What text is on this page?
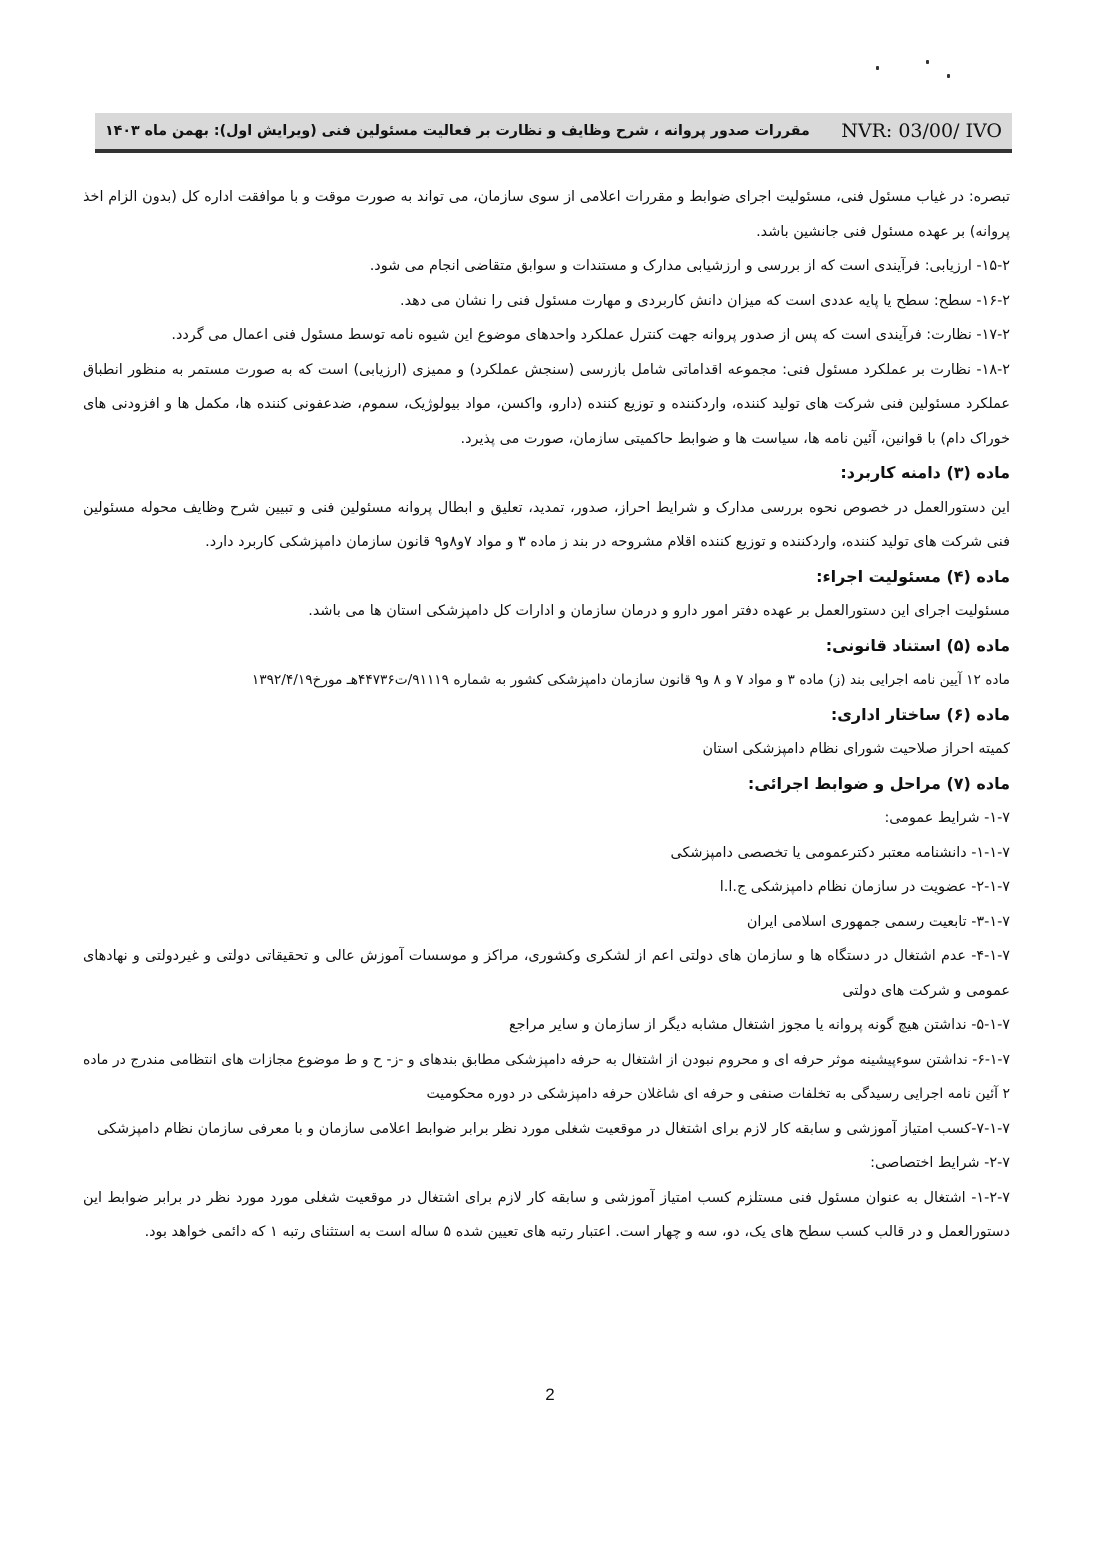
NVR: 03/00/ IVO
مقررات صدور پروانه ، شرح وظایف و نظارت بر فعالیت مسئولین فنی (ویرایش اول): بهمن ماه ۱۴۰۳

تبصره: در غیاب مسئول فنی، مسئولیت اجرای ضوابط و مقررات اعلامی از سوی سازمان، می تواند به صورت موقت و با موافقت اداره کل (بدون الزام اخذ پروانه) بر عهده مسئول فنی جانشین باشد.

۱۵-۲- ارزیابی: فرآیندی است که از بررسی و ارزشیابی مدارک و مستندات و سوابق متقاضی انجام می شود.

۱۶-۲- سطح: سطح یا پایه عددی است که میزان دانش کاربردی و مهارت مسئول فنی را نشان می دهد.

۱۷-۲- نظارت: فرآیندی است که پس از صدور پروانه جهت کنترل عملکرد واحدهای موضوع این شیوه نامه توسط مسئول فنی اعمال می گردد.

۱۸-۲- نظارت بر عملکرد مسئول فنی: مجموعه اقداماتی شامل بازرسی (سنجش عملکرد) و ممیزی (ارزیابی) است که به صورت مستمر به منظور انطباق عملکرد مسئولین فنی شرکت های تولید کننده، واردکننده و توزیع کننده (دارو، واکسن، مواد بیولوژیک، سموم، ضدعفونی کننده ها، مکمل ها و افزودنی های خوراک دام) با قوانین، آئین نامه ها، سیاست ها و ضوابط حاکمیتی سازمان، صورت می پذیرد.

ماده (۳) دامنه کاربرد:

این دستورالعمل در خصوص نحوه بررسی مدارک و شرایط احراز، صدور، تمدید، تعلیق و ابطال پروانه مسئولین فنی و تبیین شرح وظایف محوله مسئولین فنی شرکت های تولید کننده، واردکننده و توزیع کننده اقلام مشروحه در بند ز ماده ۳ و مواد ۷و۸و۹ قانون سازمان دامپزشکی کاربرد دارد.

ماده (۴) مسئولیت اجراء:

مسئولیت اجرای این دستورالعمل بر عهده دفتر امور دارو و درمان سازمان و ادارات کل دامپزشکی استان ها می باشد.

ماده (۵) استناد قانونی:

ماده ۱۲ آیین نامه اجرایی بند (ز) ماده ۳ و مواد ۷ و ۸ و۹ قانون سازمان دامپزشکی کشور به شماره ۹۱۱۱۹/ت۴۴۷۳۶هـ مورخ۱۳۹۲/۴/۱۹

ماده (۶) ساختار اداری:

کمیته احراز صلاحیت شورای نظام دامپزشکی استان

ماده (۷) مراحل و ضوابط اجرائی:

۱-۷- شرایط عمومی:

۱-۱-۷- دانشنامه معتبر دکترعمومی یا تخصصی دامپزشکی

۲-۱-۷- عضویت در سازمان نظام دامپزشکی ج.ا.ا

۳-۱-۷- تابعیت رسمی جمهوری اسلامی ایران

۴-۱-۷- عدم اشتغال در دستگاه ها و سازمان های دولتی اعم از لشکری وکشوری، مراکز و موسسات آموزش عالی و تحقیقاتی دولتی و غیردولتی و نهادهای عمومی و شرکت های دولتی

۵-۱-۷- نداشتن هیچ گونه پروانه یا مجوز اشتغال مشابه دیگر از سازمان و سایر مراجع

۶-۱-۷- نداشتن سوءپیشینه موثر حرفه ای و محروم نبودن از اشتغال به حرفه دامپزشکی مطابق بندهای و -ز- ح و ط موضوع مجازات های انتظامی مندرج در ماده ۲ آئین نامه اجرایی رسیدگی به تخلفات صنفی و حرفه ای شاغلان حرفه دامپزشکی در دوره محکومیت

۷-۱-۷-کسب امتیاز آموزشی و سابقه کار لازم برای اشتغال در موقعیت شغلی مورد نظر برابر ضوابط اعلامی سازمان و با معرفی سازمان نظام دامپزشکی

۲-۷- شرایط اختصاصی:

۱-۲-۷- اشتغال به عنوان مسئول فنی مستلزم کسب امتیاز آموزشی و سابقه کار لازم برای اشتغال در موقعیت شغلی مورد مورد نظر در برابر ضوابط این دستورالعمل و در قالب کسب سطح های یک، دو، سه و چهار است. اعتبار رتبه های تعیین شده ۵ ساله است به استثنای رتبه ۱ که دائمی خواهد بود.

2
